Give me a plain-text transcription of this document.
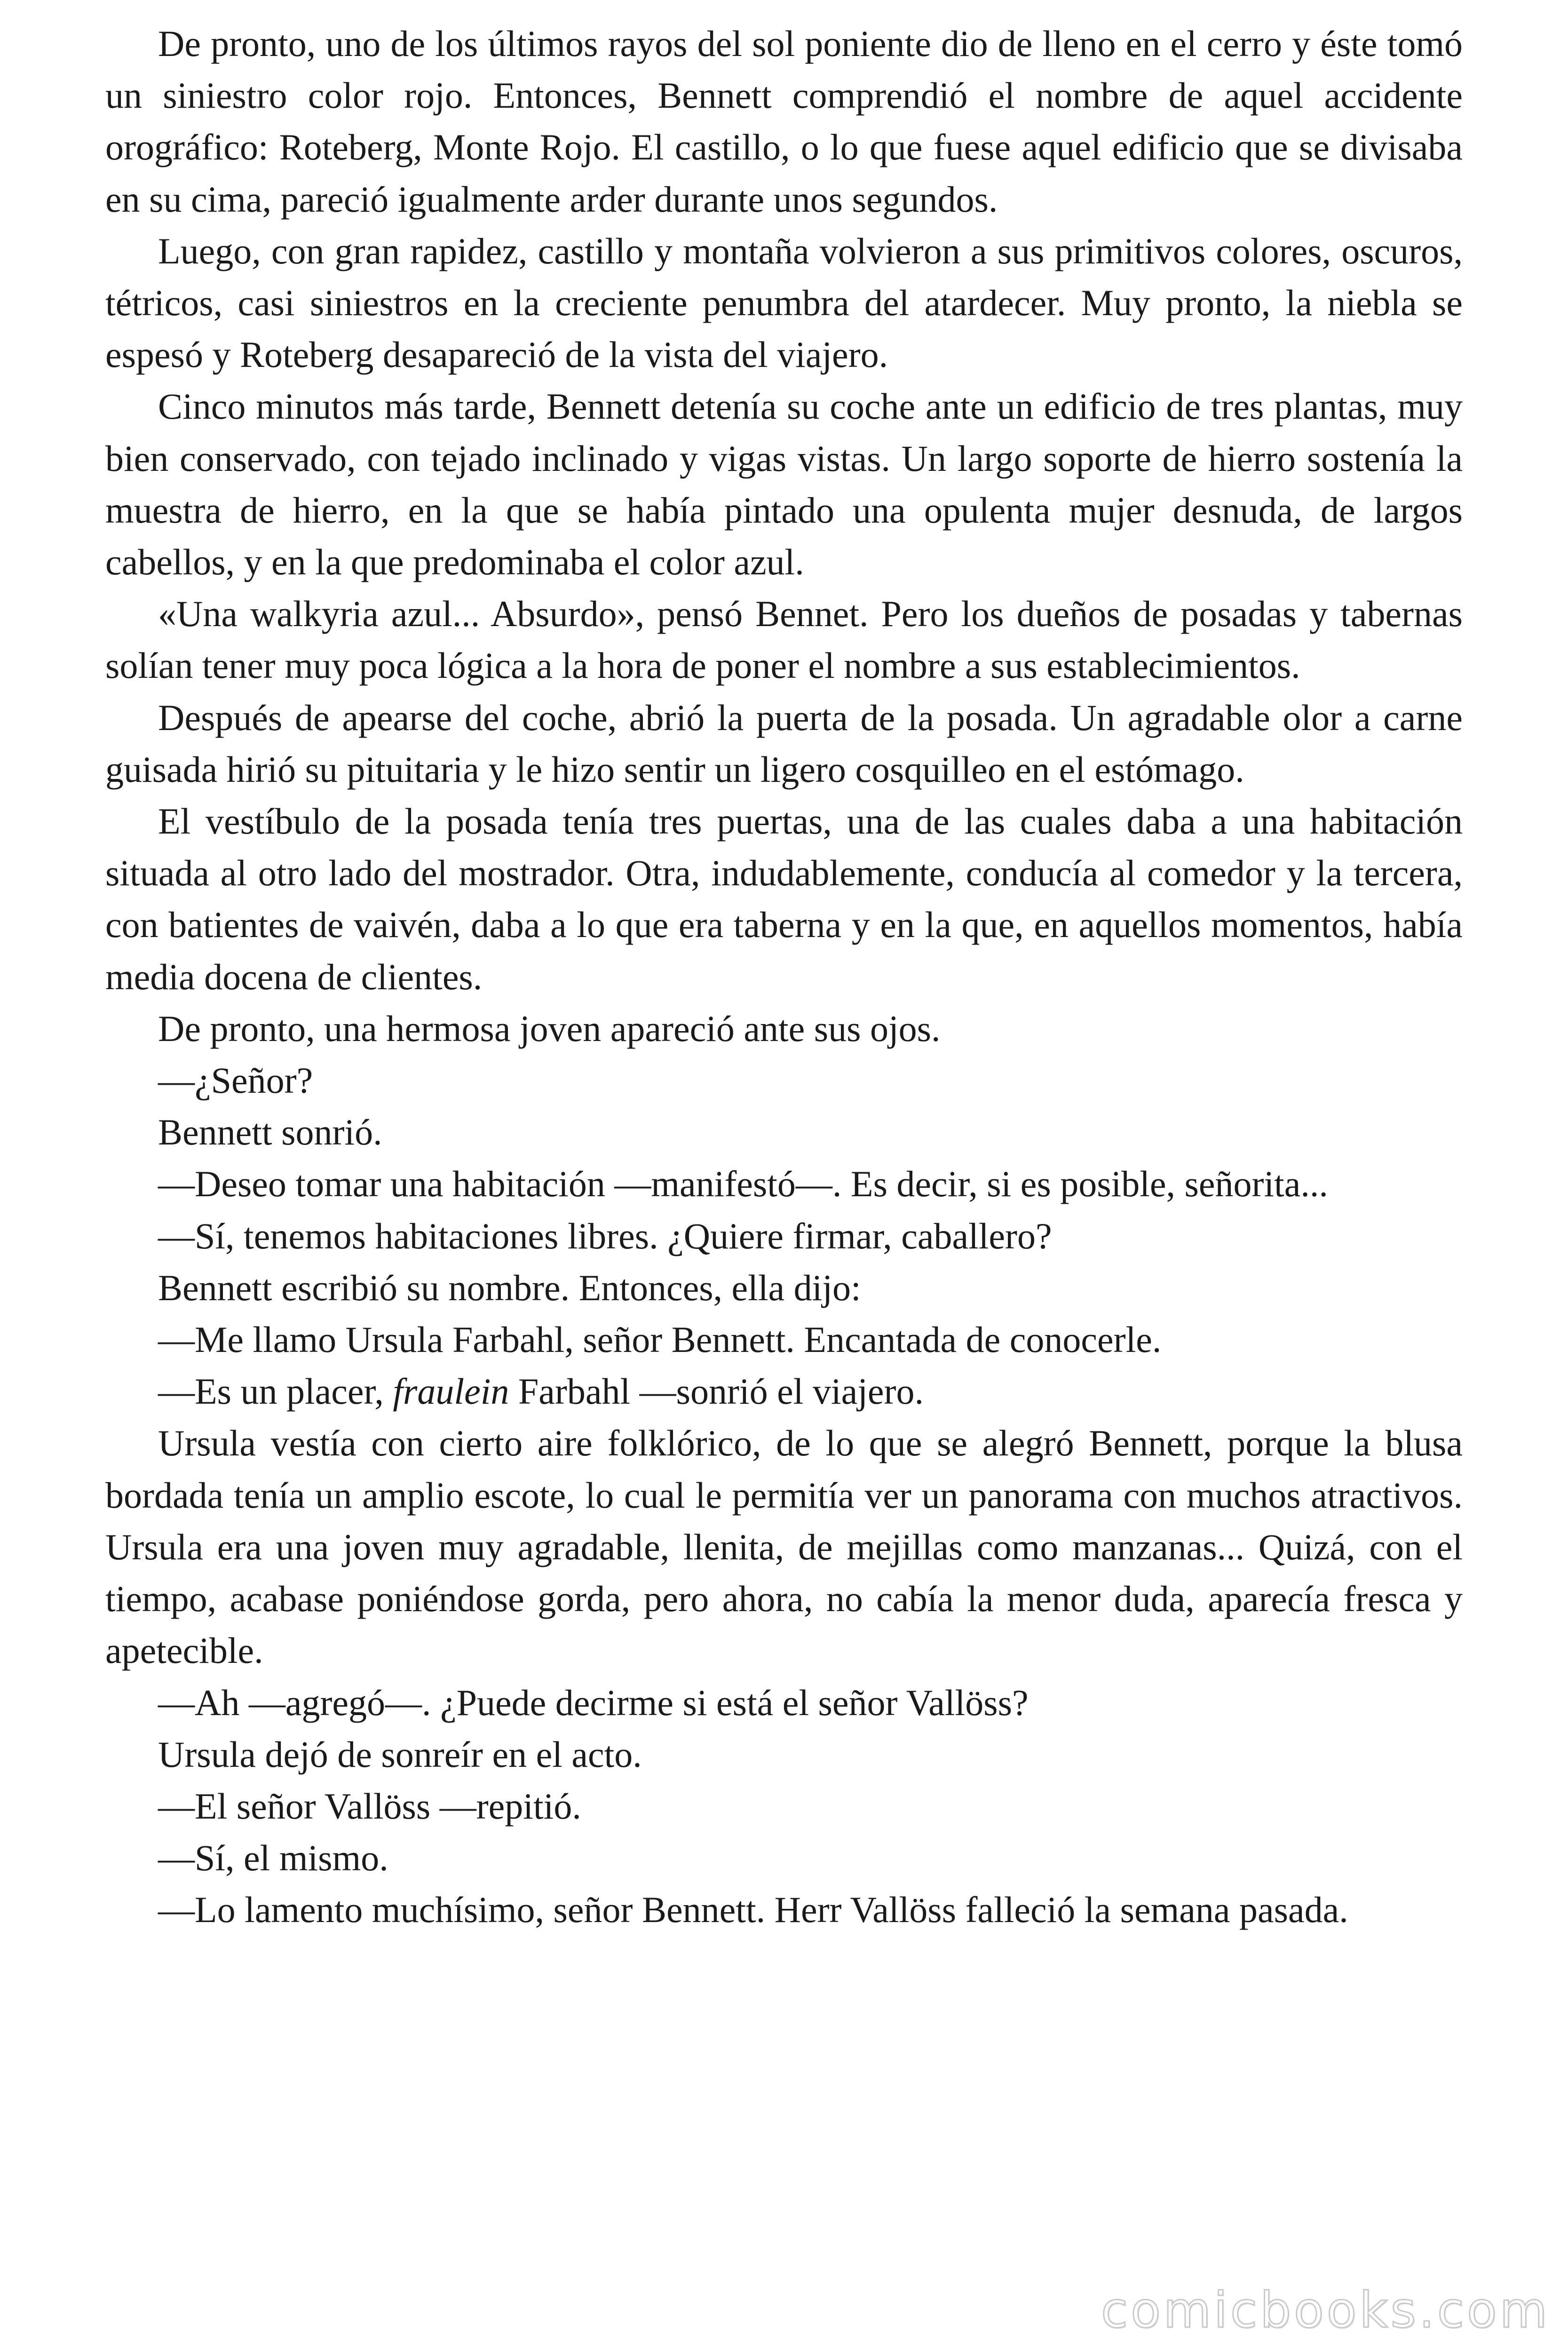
De pronto, uno de los últimos rayos del sol poniente dio de lleno en el cerro y éste tomó un siniestro color rojo. Entonces, Bennett comprendió el nombre de aquel accidente orográfico: Roteberg, Monte Rojo. El castillo, o lo que fuese aquel edificio que se divisaba en su cima, pareció igualmente arder durante unos segundos.

Luego, con gran rapidez, castillo y montaña volvieron a sus primitivos colores, oscuros, tétricos, casi siniestros en la creciente penumbra del atardecer. Muy pronto, la niebla se espesó y Roteberg desapareció de la vista del viajero.

Cinco minutos más tarde, Bennett detenía su coche ante un edificio de tres plantas, muy bien conservado, con tejado inclinado y vigas vistas. Un largo soporte de hierro sostenía la muestra de hierro, en la que se había pintado una opulenta mujer desnuda, de largos cabellos, y en la que predominaba el color azul.

«Una walkyria azul... Absurdo», pensó Bennet. Pero los dueños de posadas y tabernas solían tener muy poca lógica a la hora de poner el nombre a sus establecimientos.

Después de apearse del coche, abrió la puerta de la posada. Un agradable olor a carne guisada hirió su pituitaria y le hizo sentir un ligero cosquilleo en el estómago.

El vestíbulo de la posada tenía tres puertas, una de las cuales daba a una habitación situada al otro lado del mostrador. Otra, indudablemente, conducía al comedor y la tercera, con batientes de vaivén, daba a lo que era taberna y en la que, en aquellos momentos, había media docena de clientes.

De pronto, una hermosa joven apareció ante sus ojos.

—¿Señor?

Bennett sonrió.

—Deseo tomar una habitación —manifestó—. Es decir, si es posible, señorita...

—Sí, tenemos habitaciones libres. ¿Quiere firmar, caballero?

Bennett escribió su nombre. Entonces, ella dijo:

—Me llamo Ursula Farbahl, señor Bennett. Encantada de conocerle.

—Es un placer, fraulein Farbahl —sonrió el viajero.

Ursula vestía con cierto aire folklórico, de lo que se alegró Bennett, porque la blusa bordada tenía un amplio escote, lo cual le permitía ver un panorama con muchos atractivos. Ursula era una joven muy agradable, llenita, de mejillas como manzanas... Quizá, con el tiempo, acabase poniéndose gorda, pero ahora, no cabía la menor duda, aparecía fresca y apetecible.

—Ah —agregó—. ¿Puede decirme si está el señor Vallöss?

Ursula dejó de sonreír en el acto.

—El señor Vallöss —repitió.

—Sí, el mismo.

—Lo lamento muchísimo, señor Bennett. Herr Vallöss falleció la semana pasada.

comicbooks.com
